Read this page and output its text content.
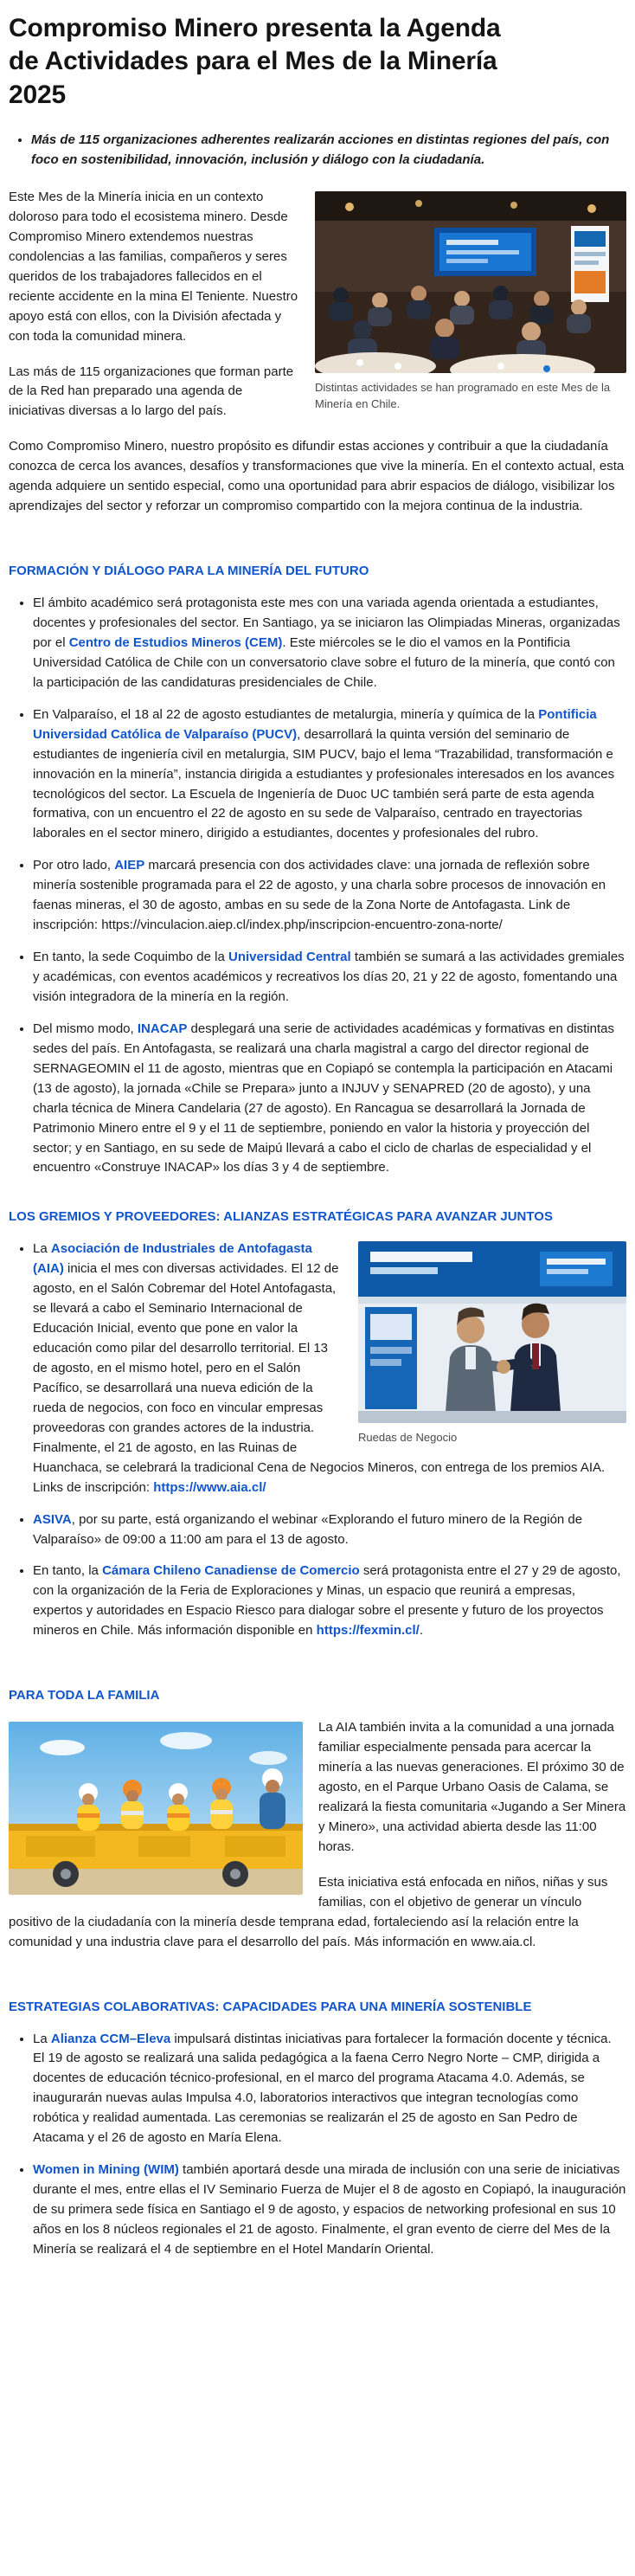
Compromiso Minero presenta la Agenda de Actividades para el Mes de la Minería 2025
• Más de 115 organizaciones adherentes realizarán acciones en distintas regiones del país, con foco en sostenibilidad, innovación, inclusión y diálogo con la ciudadanía.
Distintas actividades se han programado en este Mes de la Minería en Chile.

Este Mes de la Minería inicia en un contexto doloroso para todo el ecosistema minero. Desde Compromiso Minero extendemos nuestras condolencias a las familias, compañeros y seres queridos de los trabajadores fallecidos en el reciente accidente en la mina El Teniente. Nuestro apoyo está con ellos, con la División afectada y con toda la comunidad minera.

Las más de 115 organizaciones que forman parte de la Red han preparado una agenda de iniciativas diversas a lo largo del país.

Como Compromiso Minero, nuestro propósito es difundir estas acciones y contribuir a que la ciudadanía conozca de cerca los avances, desafíos y transformaciones que vive la minería. En el contexto actual, esta agenda adquiere un sentido especial, como una oportunidad para abrir espacios de diálogo, visibilizar los aprendizajes del sector y reforzar un compromiso compartido con la mejora continua de la industria.

FORMACIÓN Y DIÁLOGO PARA LA MINERÍA DEL FUTURO
• El ámbito académico será protagonista este mes con una variada agenda orientada a estudiantes, docentes y profesionales del sector. En Santiago, ya se iniciaron las Olimpiadas Mineras, organizadas por el Centro de Estudios Mineros (CEM). Este miércoles se le dio el vamos en la Pontificia Universidad Católica de Chile con un conversatorio clave sobre el futuro de la minería, que contó con la participación de las candidaturas presidenciales de Chile.
• En Valparaíso, el 18 al 22 de agosto estudiantes de metalurgia, minería y química de la Pontificia Universidad Católica de Valparaíso (PUCV), desarrollará la quinta versión del seminario de estudiantes de ingeniería civil en metalurgia, SIM PUCV, bajo el lema “Trazabilidad, transformación e innovación en la minería”, instancia dirigida a estudiantes y profesionales interesados en los avances tecnológicos del sector. La Escuela de Ingeniería de Duoc UC también será parte de esta agenda formativa, con un encuentro el 22 de agosto en su sede de Valparaíso, centrado en trayectorias laborales en el sector minero, dirigido a estudiantes, docentes y profesionales del rubro.
• Por otro lado, AIEP marcará presencia con dos actividades clave: una jornada de reflexión sobre minería sostenible programada para el 22 de agosto, y una charla sobre procesos de innovación en faenas mineras, el 30 de agosto, ambas en su sede de la Zona Norte de Antofagasta. Link de inscripción: https://vinculacion.aiep.cl/index.php/inscripcion-encuentro-zona-norte/
• En tanto, la sede Coquimbo de la Universidad Central también se sumará a las actividades gremiales y académicas, con eventos académicos y recreativos los días 20, 21 y 22 de agosto, fomentando una visión integradora de la minería en la región.
• Del mismo modo, INACAP desplegará una serie de actividades académicas y formativas en distintas sedes del país. En Antofagasta, se realizará una charla magistral a cargo del director regional de SERNAGEOMIN el 11 de agosto, mientras que en Copiapó se contempla la participación en Atacami (13 de agosto), la jornada «Chile se Prepara» junto a INJUV y SENAPRED (20 de agosto), y una charla técnica de Minera Candelaria (27 de agosto). En Rancagua se desarrollará la Jornada de Patrimonio Minero entre el 9 y el 11 de septiembre, poniendo en valor la historia y proyección del sector; y en Santiago, en su sede de Maipú llevará a cabo el ciclo de charlas de especialidad y el encuentro «Construye INACAP» los días 3 y 4 de septiembre.
LOS GREMIOS Y PROVEEDORES: ALIANZAS ESTRATÉGICAS PARA AVANZAR JUNTOS
• Ruedas de Negocio
La Asociación de Industriales de Antofagasta (AIA) inicia el mes con diversas actividades. El 12 de agosto, en el Salón Cobremar del Hotel Antofagasta, se llevará a cabo el Seminario Internacional de Educación Inicial, evento que pone en valor la educación como pilar del desarrollo territorial. El 13 de agosto, en el mismo hotel, pero en el Salón Pacífico, se desarrollará una nueva edición de la rueda de negocios, con foco en vincular empresas proveedoras con grandes actores de la industria. Finalmente, el 21 de agosto, en las Ruinas de Huanchaca, se celebrará la tradicional Cena de Negocios Mineros, con entrega de los premios AIA. Links de inscripción: https://www.aia.cl/
• ASIVA, por su parte, está organizando el webinar «Explorando el futuro minero de la Región de Valparaíso» de 09:00 a 11:00 am para el 13 de agosto.
• En tanto, la Cámara Chileno Canadiense de Comercio será protagonista entre el 27 y 29 de agosto, con la organización de la Feria de Exploraciones y Minas, un espacio que reunirá a empresas, expertos y autoridades en Espacio Riesco para dialogar sobre el presente y futuro de los proyectos mineros en Chile. Más información disponible en https://fexmin.cl/.
PARA TODA LA FAMILIA

La AIA también invita a la comunidad a una jornada familiar especialmente pensada para acercar la minería a las nuevas generaciones. El próximo 30 de agosto, en el Parque Urbano Oasis de Calama, se realizará la fiesta comunitaria «Jugando a Ser Minera y Minero», una actividad abierta desde las 11:00 horas.

Esta iniciativa está enfocada en niños, niñas y sus familias, con el objetivo de generar un vínculo positivo de la ciudadanía con la minería desde temprana edad, fortaleciendo así la relación entre la comunidad y una industria clave para el desarrollo del país. Más información en www.aia.cl.

ESTRATEGIAS COLABORATIVAS: CAPACIDADES PARA UNA MINERÍA SOSTENIBLE
• La Alianza CCM–Eleva impulsará distintas iniciativas para fortalecer la formación docente y técnica. El 19 de agosto se realizará una salida pedagógica a la faena Cerro Negro Norte – CMP, dirigida a docentes de educación técnico-profesional, en el marco del programa Atacama 4.0. Además, se inaugurarán nuevas aulas Impulsa 4.0, laboratorios interactivos que integran tecnologías como robótica y realidad aumentada. Las ceremonias se realizarán el 25 de agosto en San Pedro de Atacama y el 26 de agosto en María Elena.
• Women in Mining (WIM) también aportará desde una mirada de inclusión con una serie de iniciativas durante el mes, entre ellas el IV Seminario Fuerza de Mujer el 8 de agosto en Copiapó, la inauguración de su primera sede física en Santiago el 9 de agosto, y espacios de networking profesional en sus 10 años en los 8 núcleos regionales el 21 de agosto. Finalmente, el gran evento de cierre del Mes de la Minería se realizará el 4 de septiembre en el Hotel Mandarín Oriental.
